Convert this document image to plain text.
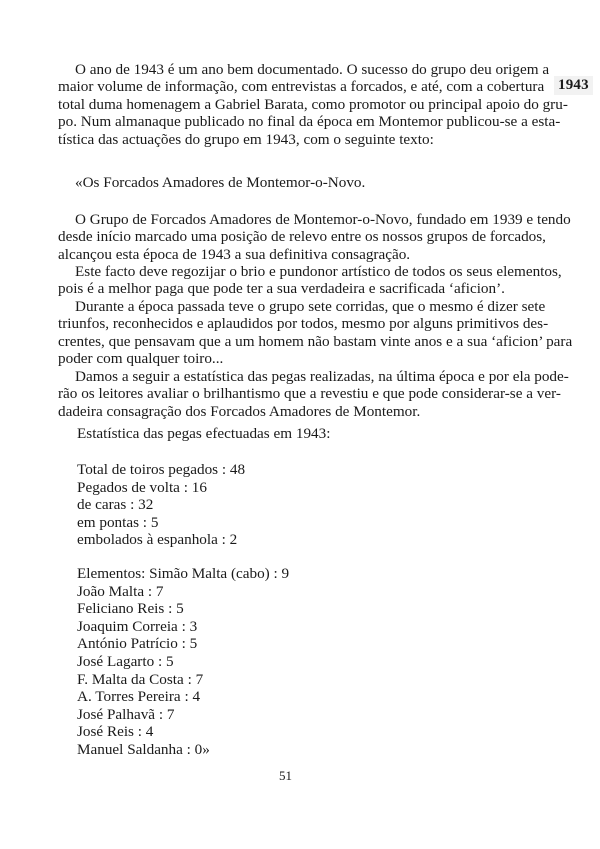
1943
O ano de 1943 é um ano bem documentado. O sucesso do grupo deu origem a
maior volume de informação, com entrevistas a forcados, e até, com a cobertura
total duma homenagem a Gabriel Barata, como promotor ou principal apoio do gru-
po. Num almanaque publicado no final da época em Montemor publicou-se a esta-
tística das actuações do grupo em 1943, com o seguinte texto:
«Os Forcados Amadores de Montemor-o-Novo.
O Grupo de Forcados Amadores de Montemor-o-Novo, fundado em 1939 e tendo
desde início marcado uma posição de relevo entre os nossos grupos de forcados,
alcançou esta época de 1943 a sua definitiva consagração.
Este facto deve regozijar o brio e pundonor artístico de todos os seus elementos,
pois é a melhor paga que pode ter a sua verdadeira e sacrificada ‘aficion’.
Durante a época passada teve o grupo sete corridas, que o mesmo é dizer sete
triunfos, reconhecidos e aplaudidos por todos, mesmo por alguns primitivos des-
crentes, que pensavam que a um homem não bastam vinte anos e a sua ‘aficion’ para
poder com qualquer toiro...
Damos a seguir a estatística das pegas realizadas, na última época e por ela pode-
rão os leitores avaliar o brilhantismo que a revestiu e que pode considerar-se a ver-
dadeira consagração dos Forcados Amadores de Montemor.
Estatística das pegas efectuadas em 1943:
Total de toiros pegados : 48
Pegados de volta : 16
de caras : 32
em pontas : 5
embolados à espanhola : 2
Elementos: Simão Malta (cabo) : 9
João Malta : 7
Feliciano Reis : 5
Joaquim Correia : 3
António Patrício : 5
José Lagarto : 5
F. Malta da Costa : 7
A. Torres Pereira : 4
José Palhavã : 7
José Reis : 4
Manuel Saldanha : 0»
51
